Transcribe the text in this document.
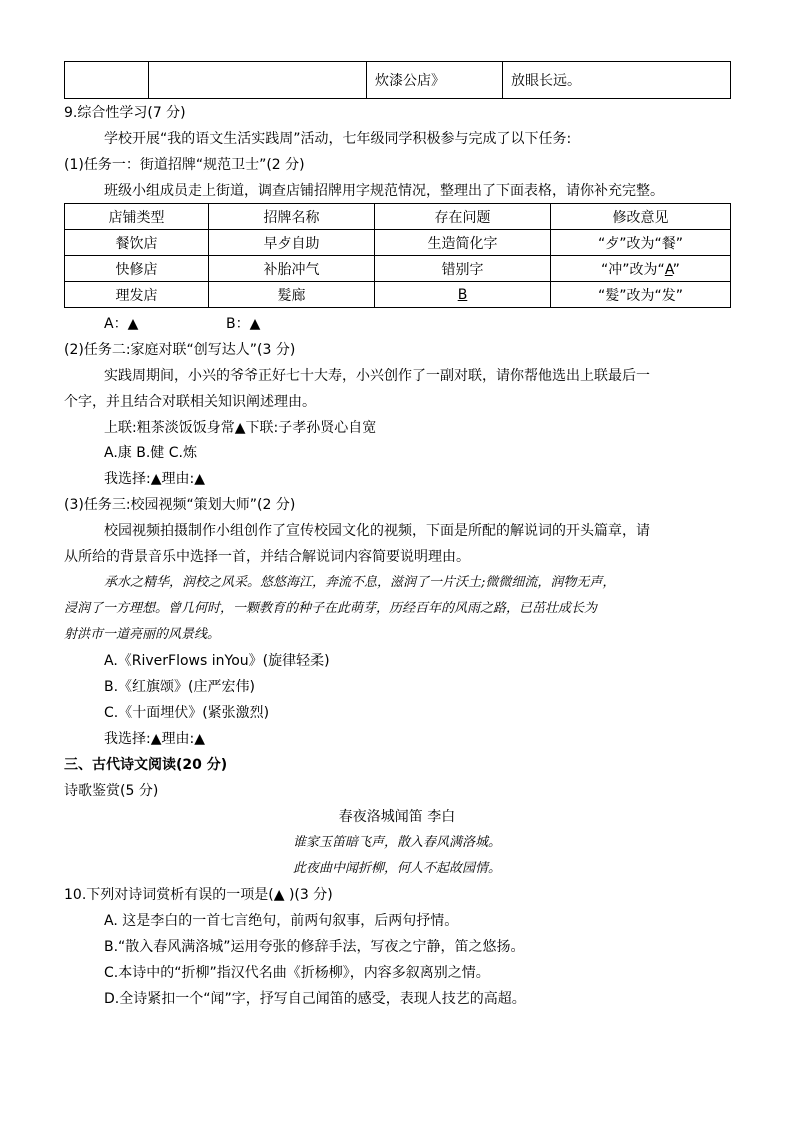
		炊漆公店》	放眼长远。
9.综合性学习(7 分)
学校开展“我的语文生活实践周”活动，七年级同学积极参与完成了以下任务:
(1)任务一：街道招牌“规范卫士”(2 分)
班级小组成员走上街道，调查店铺招牌用字规范情况，整理出了下面表格，请你补充完整。
店铺类型	招牌名称	存在问题	修改意见
餐饮店	早歺自助	生造简化字	“歺”改为“餐”
快修店	补胎冲气	错别字	“冲”改为“A”
理发店	髮廊	B	“髮”改为“发”
A：▲	B：▲
(2)任务二:家庭对联“创写达人”(3 分)
实践周期间，小兴的爷爷正好七十大寿，小兴创作了一副对联，请你帮他选出上联最后一
个字，并且结合对联相关知识阐述理由。
上联:粗茶淡饭饭身常▲下联:子孝孙贤心自宽
A.康 B.健 C.炼
我选择:▲理由:▲
(3)任务三:校园视频“策划大师”(2 分)
校园视频拍摄制作小组创作了宣传校园文化的视频，下面是所配的解说词的开头篇章，请
从所给的背景音乐中选择一首，并结合解说词内容简要说明理由。
承水之精华，润校之风采。悠悠海江，奔流不息，滋润了一片沃土;微微细流，润物无声，
浸润了一方理想。曾几何时，一颗教育的种子在此萌芽，历经百年的风雨之路，已茁壮成长为
射洪市一道亮丽的风景线。
A.《RiverFlows inYou》(旋律轻柔)
B.《红旗颂》(庄严宏伟)
C.《十面埋伏》(紧张激烈)
我选择:▲理由:▲
三、古代诗文阅读(20 分)
诗歌鉴赏(5 分)
春夜洛城闻笛 李白
谁家玉笛暗飞声，散入春风满洛城。
此夜曲中闻折柳，何人不起故园情。
10.下列对诗词赏析有误的一项是(▲ )(3 分)
A. 这是李白的一首七言绝句，前两句叙事，后两句抒情。
B.“散入春风满洛城”运用夸张的修辞手法，写夜之宁静，笛之悠扬。
C.本诗中的“折柳”指汉代名曲《折杨柳》，内容多叙离别之情。
D.全诗紧扣一个“闻”字，抒写自己闻笛的感受，表现人技艺的高超。
